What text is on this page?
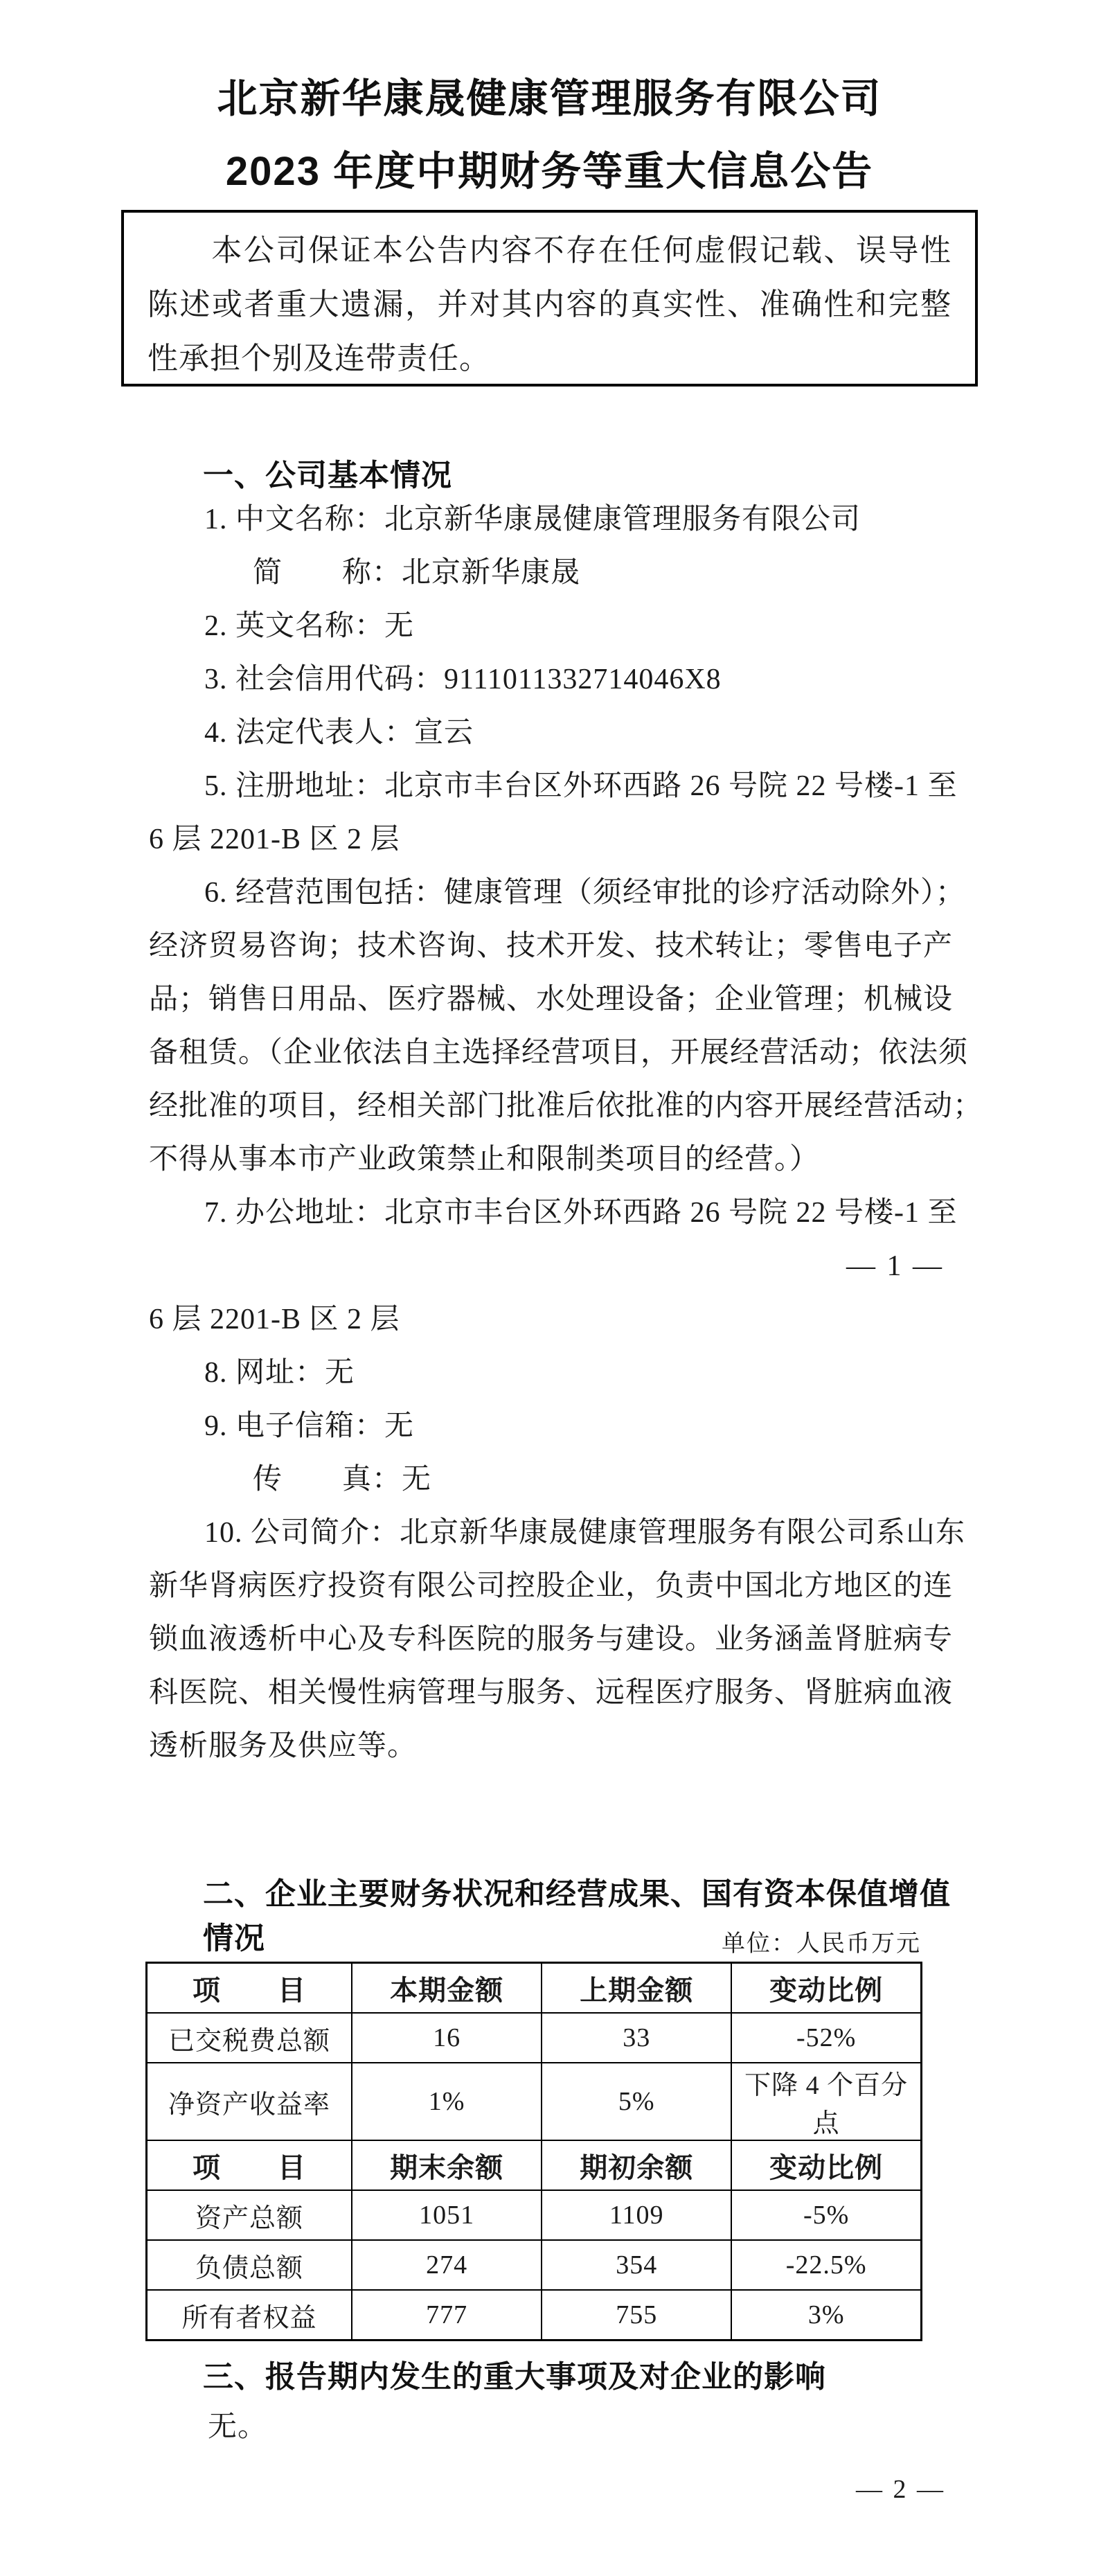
北京新华康晟健康管理服务有限公司
2023 年度中期财务等重大信息公告
本公司保证本公告内容不存在任何虚假记载、误导性陈述或者重大遗漏，并对其内容的真实性、准确性和完整性承担个别及连带责任。
一、公司基本情况
1. 中文名称：北京新华康晟健康管理服务有限公司
简　　称：北京新华康晟
2. 英文名称：无
3. 社会信用代码：9111011332714046X8
4. 法定代表人：宣云
5. 注册地址：北京市丰台区外环西路 26 号院 22 号楼-1 至
6 层 2201-B 区 2 层
6. 经营范围包括：健康管理（须经审批的诊疗活动除外）；
经济贸易咨询；技术咨询、技术开发、技术转让；零售电子产
品；销售日用品、医疗器械、水处理设备；企业管理；机械设
备租赁。（企业依法自主选择经营项目，开展经营活动；依法须
经批准的项目，经相关部门批准后依批准的内容开展经营活动；
不得从事本市产业政策禁止和限制类项目的经营。）
7. 办公地址：北京市丰台区外环西路 26 号院 22 号楼-1 至
— 1 —
6 层 2201-B 区 2 层
8. 网址：无
9. 电子信箱：无
传　　真：无
10. 公司简介：北京新华康晟健康管理服务有限公司系山东
新华肾病医疗投资有限公司控股企业，负责中国北方地区的连
锁血液透析中心及专科医院的服务与建设。业务涵盖肾脏病专
科医院、相关慢性病管理与服务、远程医疗服务、肾脏病血液
透析服务及供应等。
二、企业主要财务状况和经营成果、国有资本保值增值情况	单位：人民币万元
项　　目	本期金额	上期金额	变动比例
已交税费总额	16	33	-52%
净资产收益率	1%	5%	下降 4 个百分点
项　　目	期末余额	期初余额	变动比例
资产总额	1051	1109	-5%
负债总额	274	354	-22.5%
所有者权益	777	755	3%
三、报告期内发生的重大事项及对企业的影响
无。
— 2 —
